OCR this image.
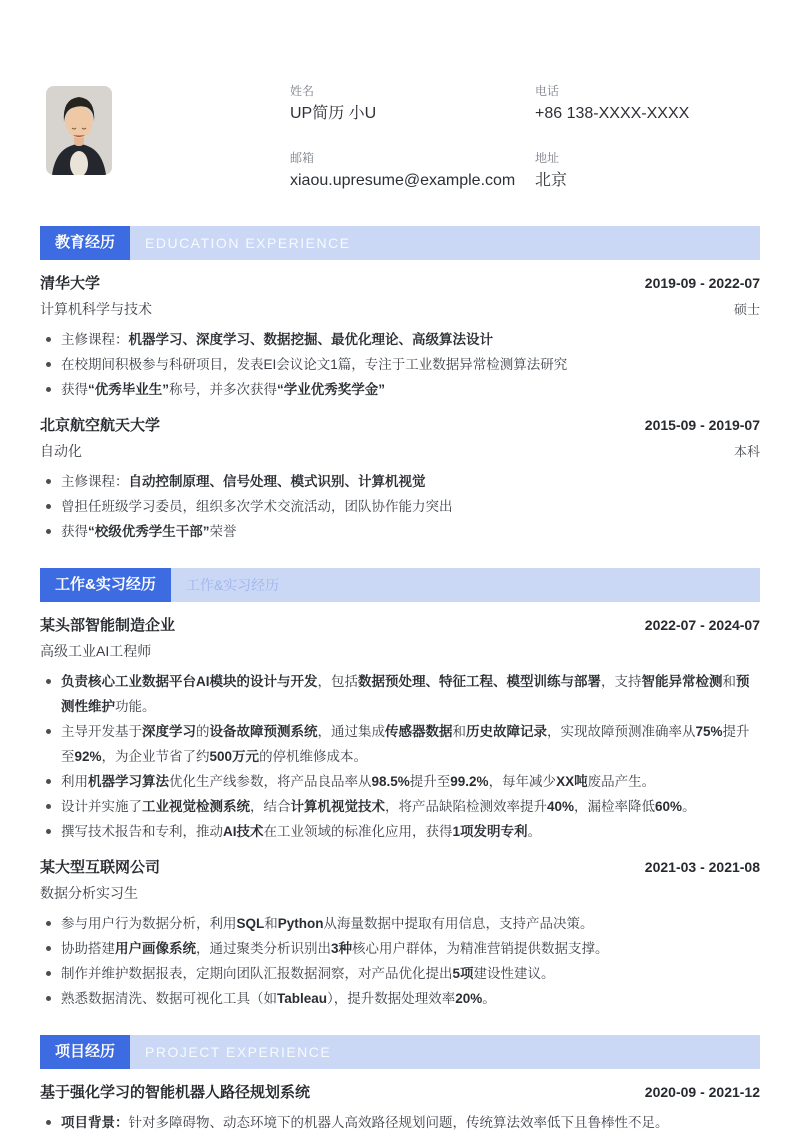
姓名
UP简历 小U
电话
+86 138-XXXX-XXXX
邮箱
xiaou.upresume@example.com
地址
北京
教育经历	EDUCATION EXPERIENCE
清华大学	2019-09 - 2022-07
计算机科学与技术	硕士
主修课程：机器学习、深度学习、数据挖掘、最优化理论、高级算法设计
在校期间积极参与科研项目，发表EI会议论文1篇，专注于工业数据异常检测算法研究
获得“优秀毕业生”称号，并多次获得“学业优秀奖学金”
北京航空航天大学	2015-09 - 2019-07
自动化	本科
主修课程：自动控制原理、信号处理、模式识别、计算机视觉
曾担任班级学习委员，组织多次学术交流活动，团队协作能力突出
获得“校级优秀学生干部”荣誉
工作&实习经历	工作&实习经历
某头部智能制造企业	2022-07 - 2024-07
高级工业AI工程师
负责核心工业数据平台AI模块的设计与开发，包括数据预处理、特征工程、模型训练与部署，支持智能异常检测和预测性维护功能。
主导开发基于深度学习的设备故障预测系统，通过集成传感器数据和历史故障记录，实现故障预测准确率从75%提升至92%，为企业节省了约500万元的停机维修成本。
利用机器学习算法优化生产线参数，将产品良品率从98.5%提升至99.2%，每年减少XX吨废品产生。
设计并实施了工业视觉检测系统，结合计算机视觉技术，将产品缺陷检测效率提升40%，漏检率降低60%。
撰写技术报告和专利，推动AI技术在工业领域的标准化应用，获得1项发明专利。
某大型互联网公司	2021-03 - 2021-08
数据分析实习生
参与用户行为数据分析，利用SQL和Python从海量数据中提取有用信息，支持产品决策。
协助搭建用户画像系统，通过聚类分析识别出3种核心用户群体，为精准营销提供数据支撑。
制作并维护数据报表，定期向团队汇报数据洞察，对产品优化提出5项建设性建议。
熟悉数据清洗、数据可视化工具（如Tableau），提升数据处理效率20%。
项目经历	PROJECT EXPERIENCE
基于强化学习的智能机器人路径规划系统	2020-09 - 2021-12
项目背景：针对多障碍物、动态环境下的机器人高效路径规划问题，传统算法效率低下且鲁棒性不足。
